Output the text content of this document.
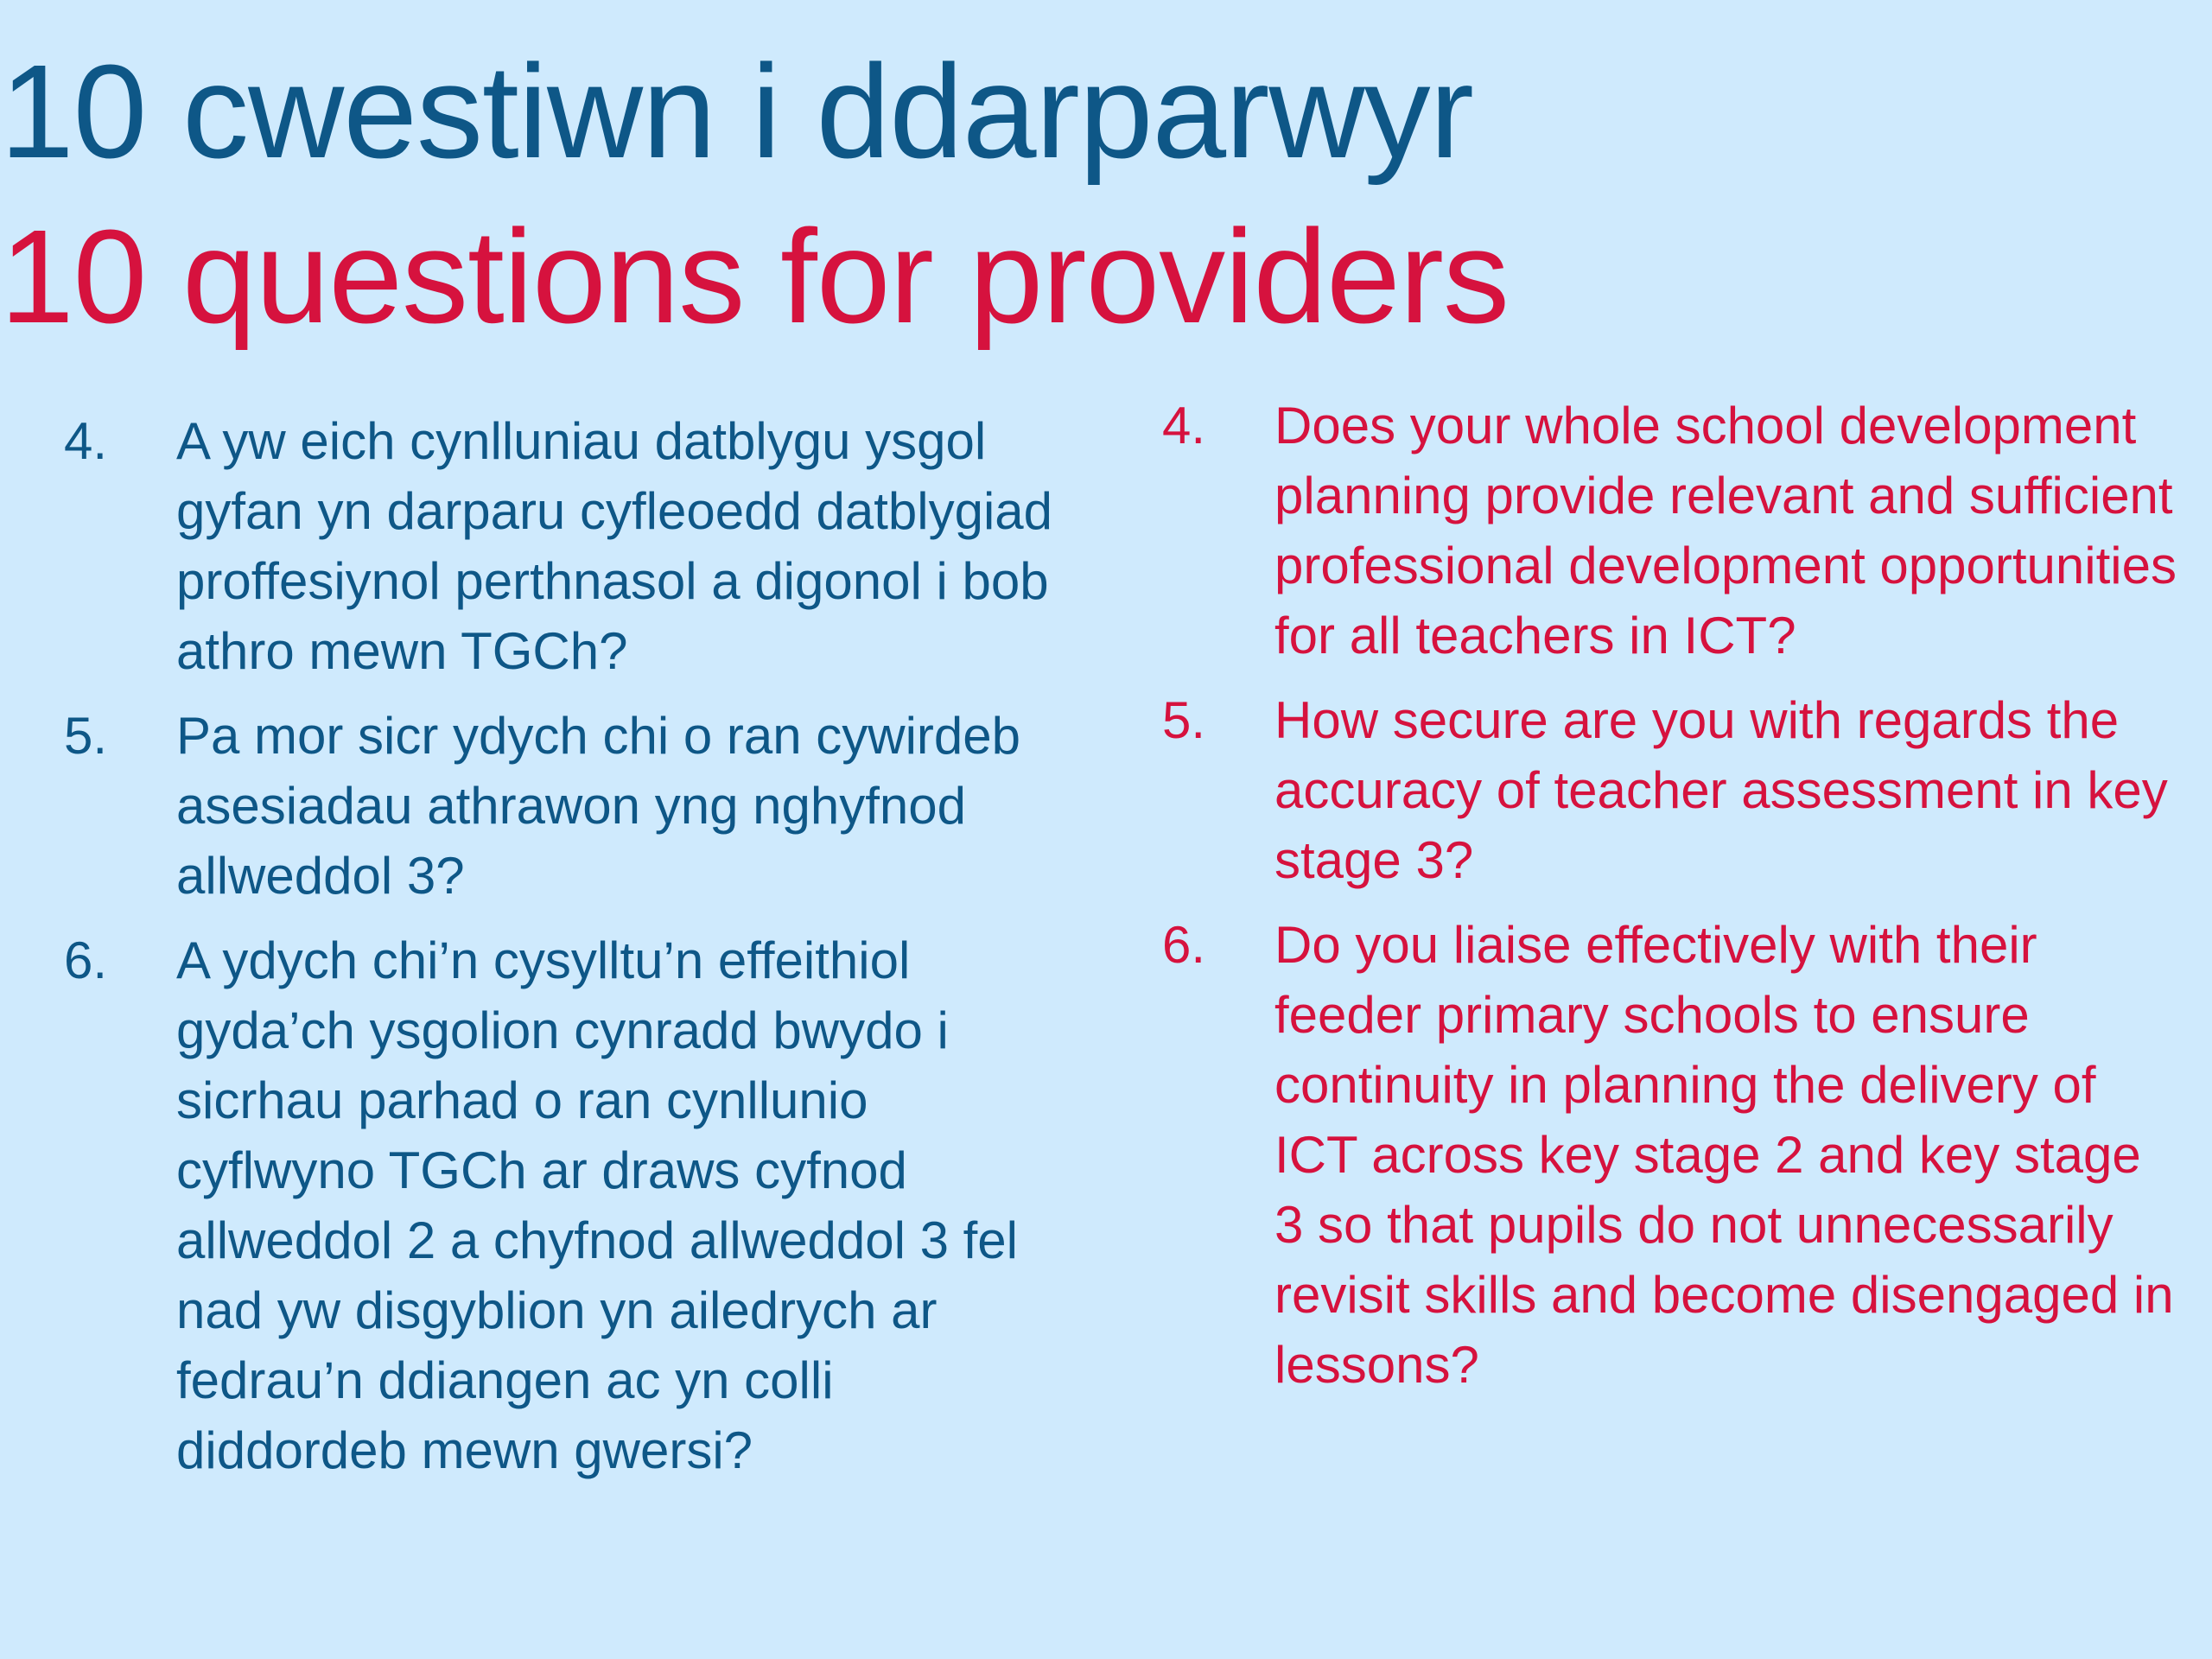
10 cwestiwn i ddarparwyr
10 questions for providers
4. A yw eich cynlluniau datblygu ysgol gyfan yn darparu cyfleoedd datblygiad proffesiynol perthnasol a digonol i bob athro mewn TGCh?
5. Pa mor sicr ydych chi o ran cywirdeb asesiadau athrawon yng nghyfnod allweddol 3?
6. A ydych chi’n cysylltu’n effeithiol gyda’ch ysgolion cynradd bwydo i sicrhau parhad o ran cynllunio cyflwyno TGCh ar draws cyfnod allweddol 2 a chyfnod allweddol 3 fel nad yw disgyblion yn ailedrych ar fedrau’n ddiangen ac yn colli diddordeb mewn gwersi?
4. Does your whole school development planning provide relevant and sufficient professional development opportunities for all teachers in ICT?
5. How secure are you with regards the accuracy of teacher assessment in key stage 3?
6. Do you liaise effectively with their feeder primary schools to ensure continuity in planning the delivery of ICT across key stage 2 and key stage 3 so that pupils do not unnecessarily revisit skills and become disengaged in lessons?
